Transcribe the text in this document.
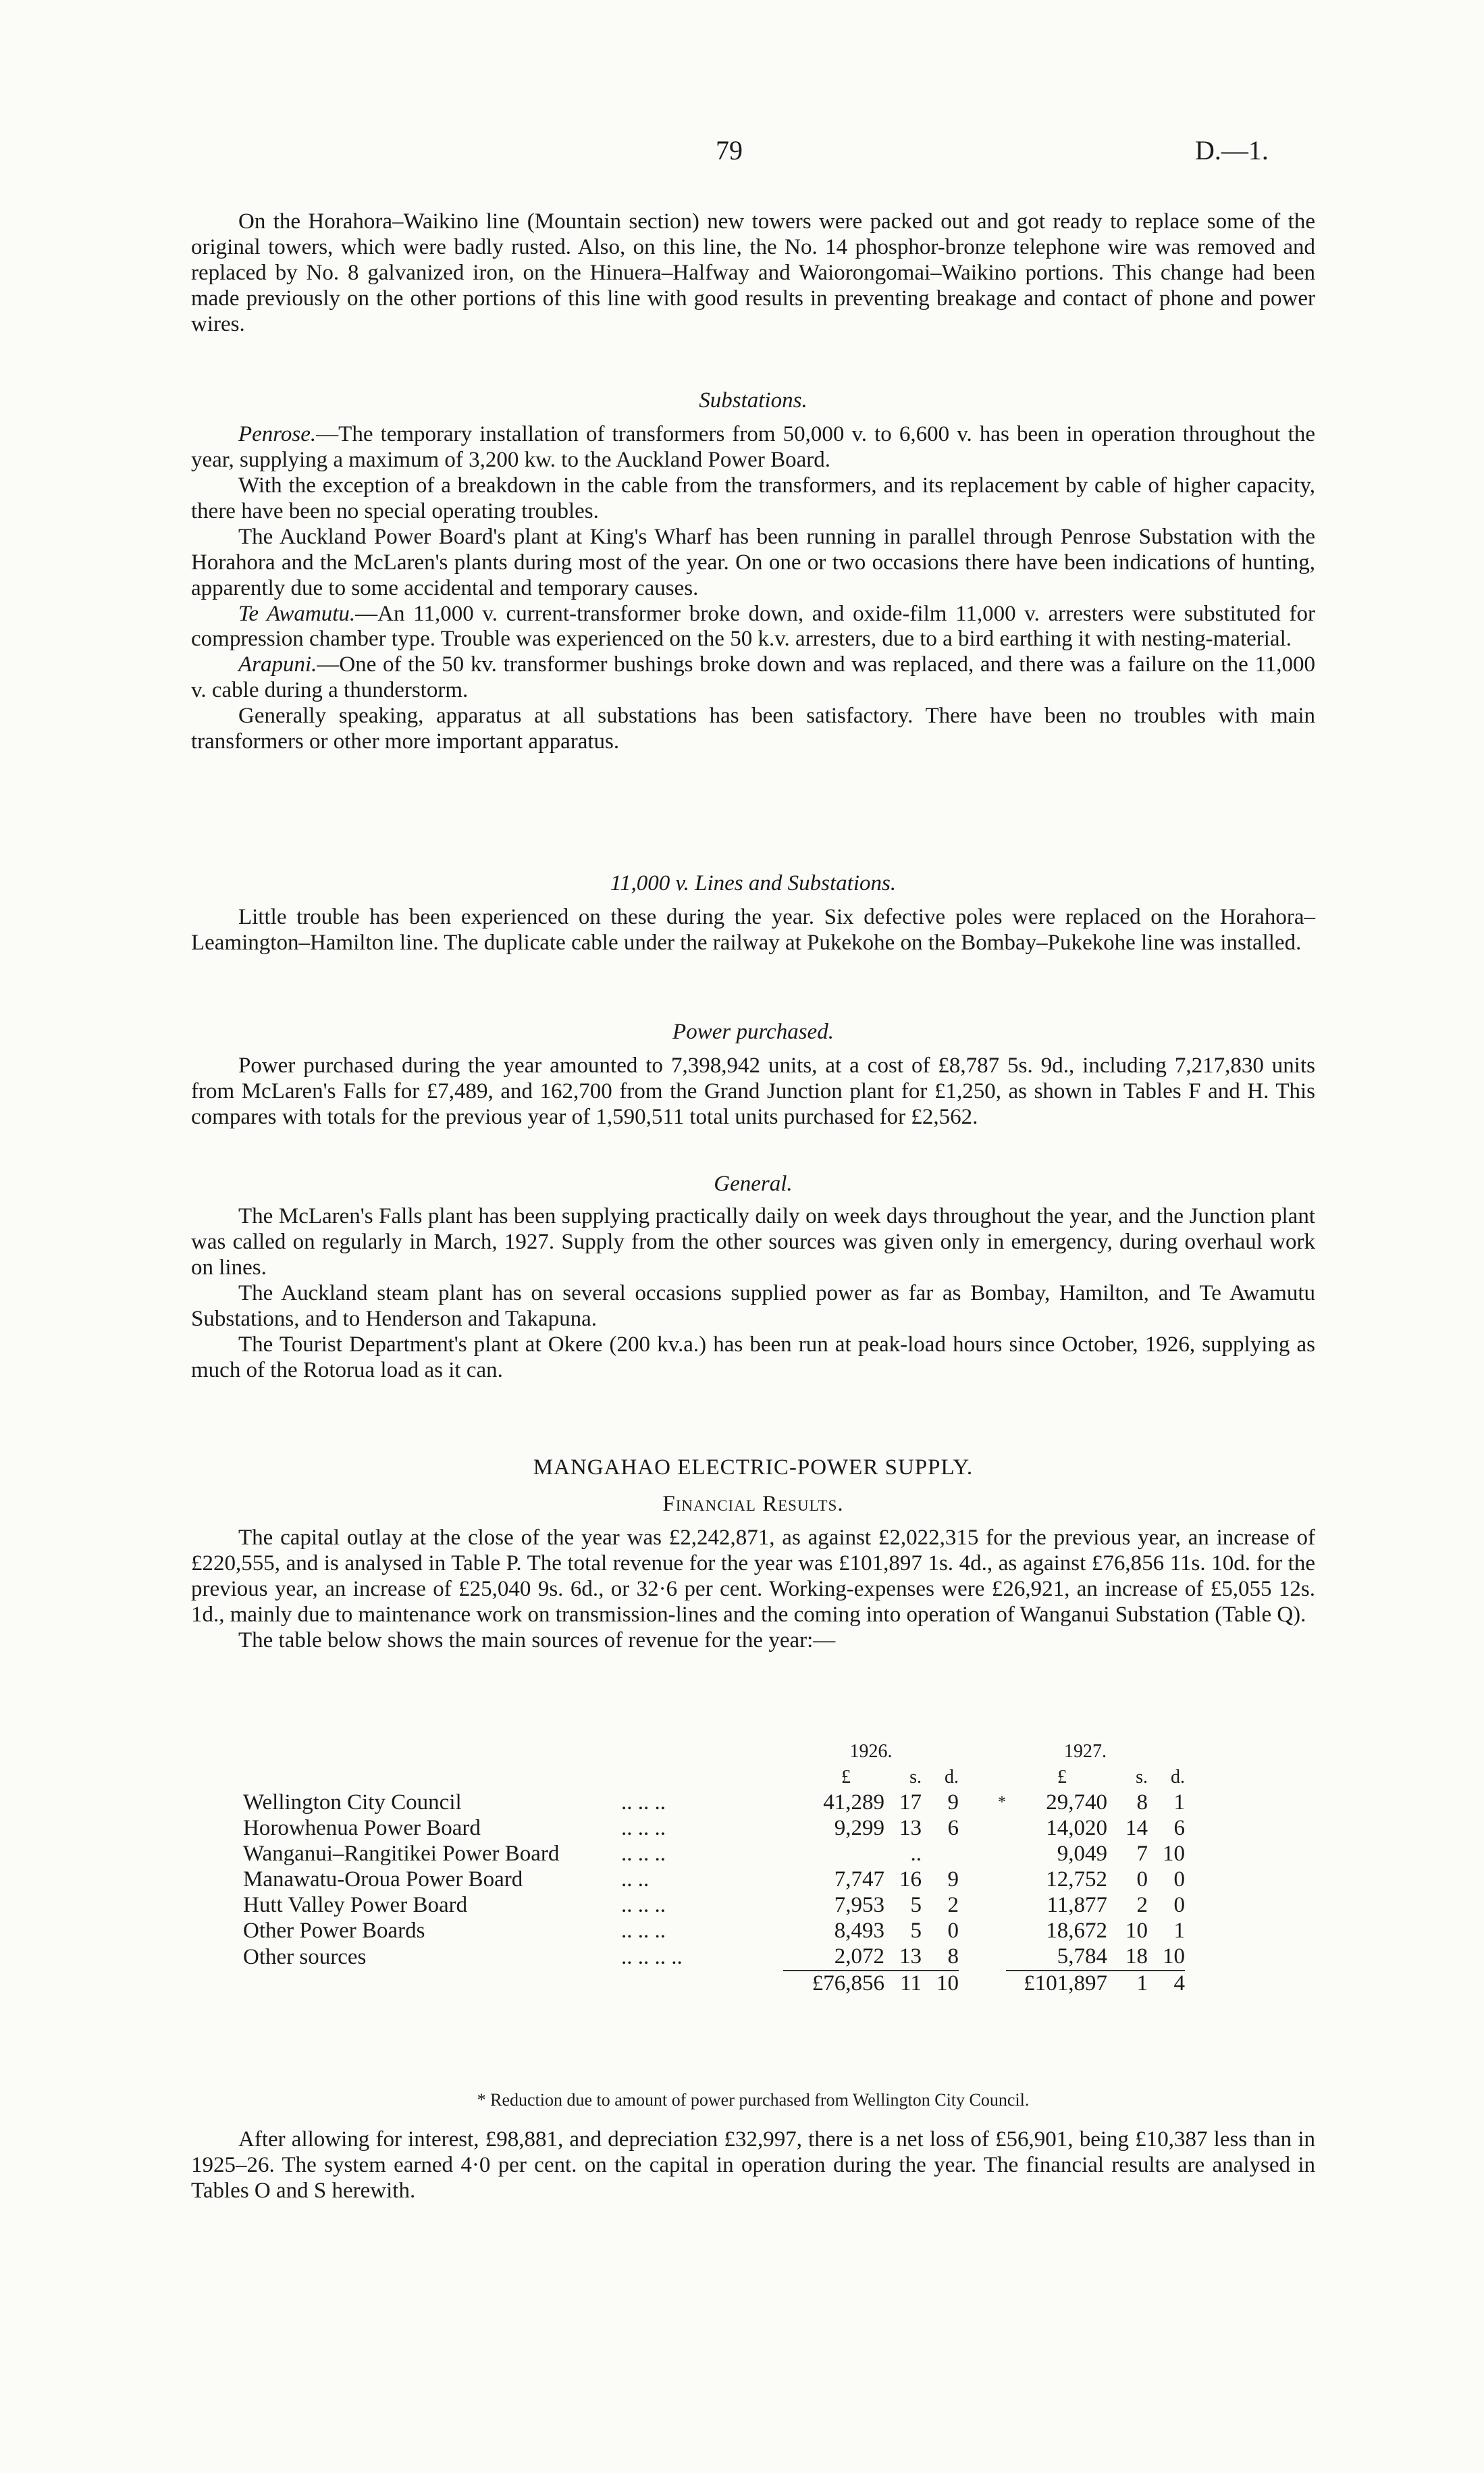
79	D.—1.

On the Horahora–Waikino line (Mountain section) new towers were packed out and got ready to replace some of the original towers, which were badly rusted. Also, on this line, the No. 14 phosphor-bronze telephone wire was removed and replaced by No. 8 galvanized iron, on the Hinuera–Halfway and Waiorongomai–Waikino portions. This change had been made previously on the other portions of this line with good results in preventing breakage and contact of phone and power wires.

Substations.

Penrose.—The temporary installation of transformers from 50,000 v. to 6,600 v. has been in operation throughout the year, supplying a maximum of 3,200 kw. to the Auckland Power Board.

With the exception of a breakdown in the cable from the transformers, and its replacement by cable of higher capacity, there have been no special operating troubles.

The Auckland Power Board's plant at King's Wharf has been running in parallel through Penrose Substation with the Horahora and the McLaren's plants during most of the year. On one or two occasions there have been indications of hunting, apparently due to some accidental and temporary causes.

Te Awamutu.—An 11,000 v. current-transformer broke down, and oxide-film 11,000 v. arresters were substituted for compression chamber type. Trouble was experienced on the 50 k.v. arresters, due to a bird earthing it with nesting-material.

Arapuni.—One of the 50 kv. transformer bushings broke down and was replaced, and there was a failure on the 11,000 v. cable during a thunderstorm.

Generally speaking, apparatus at all substations has been satisfactory. There have been no troubles with main transformers or other more important apparatus.

11,000 v. Lines and Substations.

Little trouble has been experienced on these during the year. Six defective poles were replaced on the Horahora–Leamington–Hamilton line. The duplicate cable under the railway at Pukekohe on the Bombay–Pukekohe line was installed.

Power purchased.

Power purchased during the year amounted to 7,398,942 units, at a cost of £8,787 5s. 9d., including 7,217,830 units from McLaren's Falls for £7,489, and 162,700 from the Grand Junction plant for £1,250, as shown in Tables F and H. This compares with totals for the previous year of 1,590,511 total units purchased for £2,562.

General.

The McLaren's Falls plant has been supplying practically daily on week days throughout the year, and the Junction plant was called on regularly in March, 1927. Supply from the other sources was given only in emergency, during overhaul work on lines.

The Auckland steam plant has on several occasions supplied power as far as Bombay, Hamilton, and Te Awamutu Substations, and to Henderson and Takapuna.

The Tourist Department's plant at Okere (200 kv.a.) has been run at peak-load hours since October, 1926, supplying as much of the Rotorua load as it can.

MANGAHAO ELECTRIC-POWER SUPPLY.

Financial Results.

The capital outlay at the close of the year was £2,242,871, as against £2,022,315 for the previous year, an increase of £220,555, and is analysed in Table P. The total revenue for the year was £101,897 1s. 4d., as against £76,856 11s. 10d. for the previous year, an increase of £25,040 9s. 6d., or 32·6 per cent. Working-expenses were £26,921, an increase of £5,055 12s. 1d., mainly due to maintenance work on transmission-lines and the coming into operation of Wanganui Substation (Table Q).

The table below shows the main sources of revenue for the year:—

		1926.				1927.			
		£	s.	d.			£	s.	d.
Wellington City Council	.. .. ..	41,289	17	9		*	29,740	8	1
Horowhenua Power Board	.. .. ..	9,299	13	6			14,020	14	6
Wanganui–Rangitikei Power Board	.. .. ..		..				9,049	7	10
Manawatu-Oroua Power Board	.. ..	7,747	16	9			12,752	0	0
Hutt Valley Power Board	.. .. ..	7,953	5	2			11,877	2	0
Other Power Boards	.. .. ..	8,493	5	0			18,672	10	1
Other sources	.. .. .. ..	2,072	13	8			5,784	18	10
		£76,856	11	10			£101,897	1	4

* Reduction due to amount of power purchased from Wellington City Council.

After allowing for interest, £98,881, and depreciation £32,997, there is a net loss of £56,901, being £10,387 less than in 1925–26. The system earned 4·0 per cent. on the capital in operation during the year. The financial results are analysed in Tables O and S herewith.
